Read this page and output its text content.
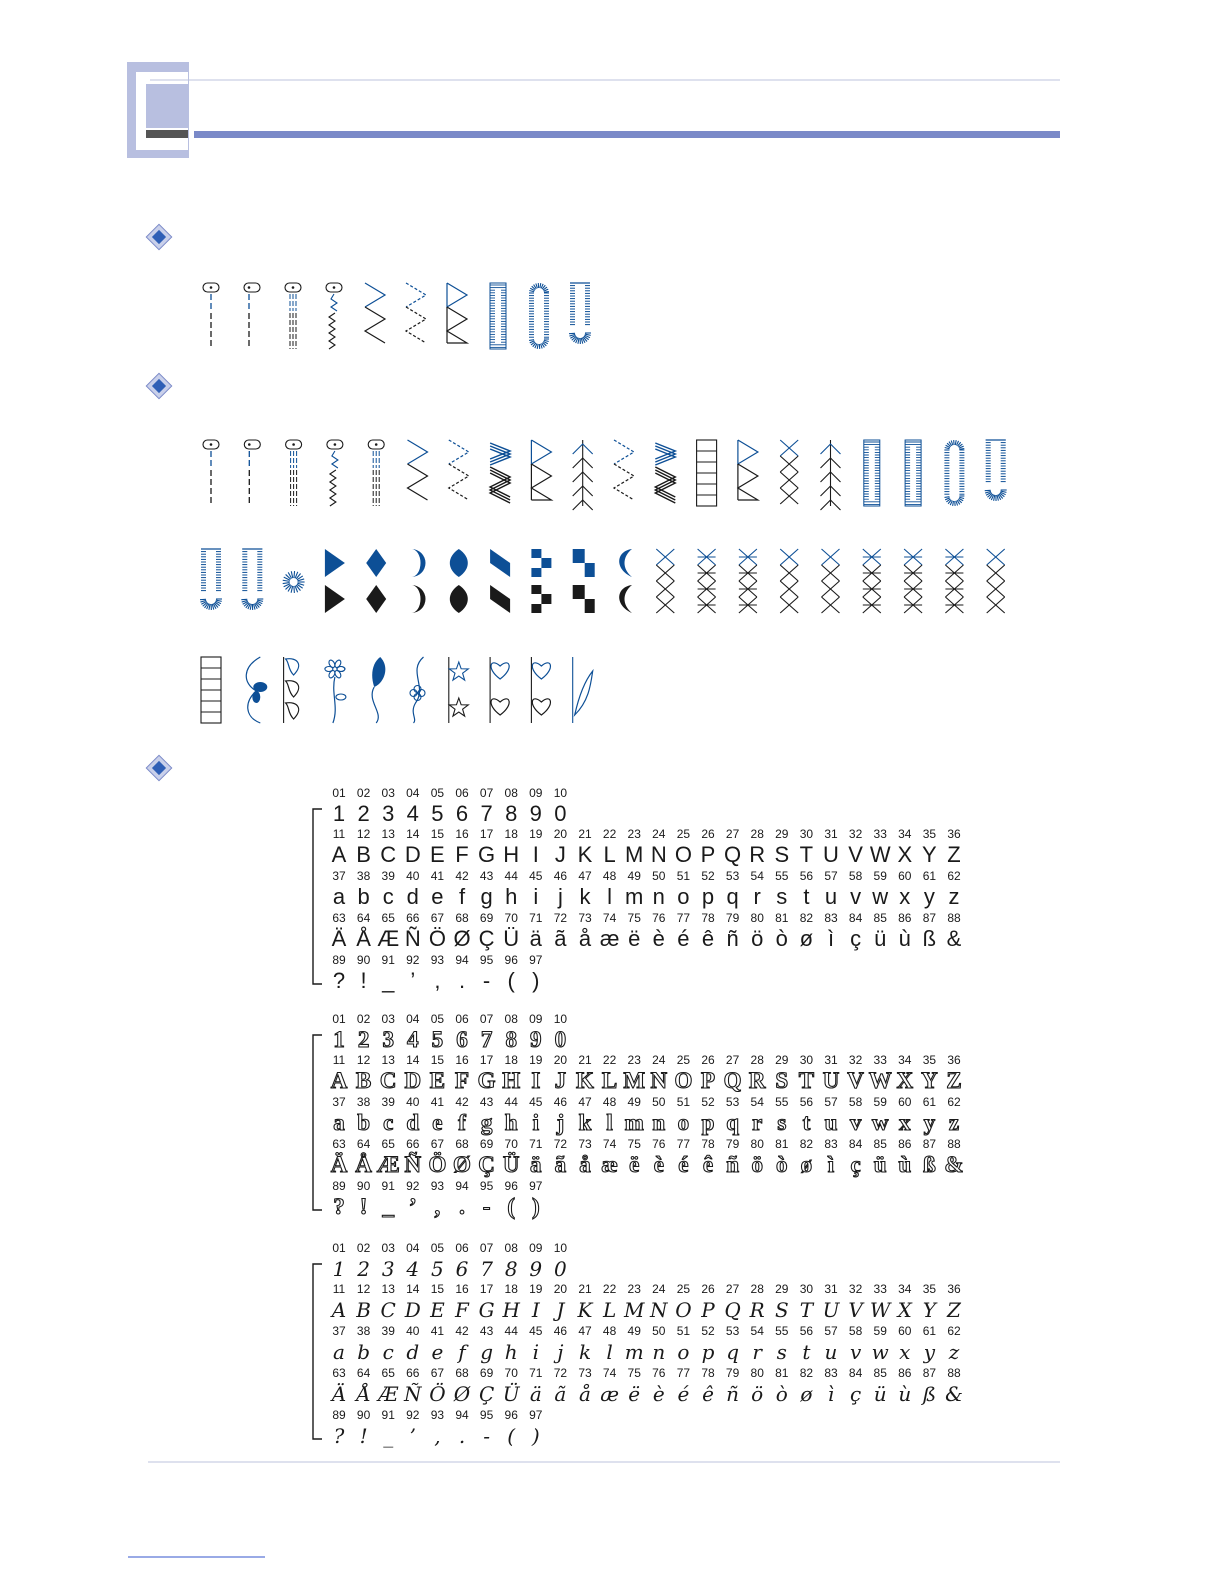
01 02 03 04 05 06 07 08 09 10
1 2 3 4 5 6 7 8 9 0
11 12 13 14 15 16 17 18 19 20 21 22 23 24 25 26 27 28 29 30 31 32 33 34 35 36
A B C D E F G H I J K L M N O P Q R S T U V W X Y Z
37 38 39 40 41 42 43 44 45 46 47 48 49 50 51 52 53 54 55 56 57 58 59 60 61 62
a b c d e f g h i j k l m n o p q r s t u v w x y z
63 64 65 66 67 68 69 70 71 72 73 74 75 76 77 78 79 80 81 82 83 84 85 86 87 88
Ä Å Æ Ñ Ö Ø Ç Ü ä ã å æ ë è é ê ñ ö ò ø ì ç ü ù ß &
89 90 91 92 93 94 95 96 97
? ! _ ’ , . - ( )
01 02 03 04 05 06 07 08 09 10
1 2 3 4 5 6 7 8 9 0
11 12 13 14 15 16 17 18 19 20 21 22 23 24 25 26 27 28 29 30 31 32 33 34 35 36
A B C D E F G H I J K L M N O P Q R S T U V W X Y Z
37 38 39 40 41 42 43 44 45 46 47 48 49 50 51 52 53 54 55 56 57 58 59 60 61 62
a b c d e f g h i j k l m n o p q r s t u v w x y z
63 64 65 66 67 68 69 70 71 72 73 74 75 76 77 78 79 80 81 82 83 84 85 86 87 88
Ä Å Æ Ñ Ö Ø Ç Ü ä ã å æ ë è é ê ñ ö ò ø ì ç ü ù ß &
89 90 91 92 93 94 95 96 97
? ! _ ’ , . - ( )
01 02 03 04 05 06 07 08 09 10
1 2 3 4 5 6 7 8 9 0
11 12 13 14 15 16 17 18 19 20 21 22 23 24 25 26 27 28 29 30 31 32 33 34 35 36
A B C D E F G H I J K L M N O P Q R S T U V W X Y Z
37 38 39 40 41 42 43 44 45 46 47 48 49 50 51 52 53 54 55 56 57 58 59 60 61 62
a b c d e f g h i j k l m n o p q r s t u v w x y z
63 64 65 66 67 68 69 70 71 72 73 74 75 76 77 78 79 80 81 82 83 84 85 86 87 88
Ä Å Æ Ñ Ö Ø Ç Ü ä ã å æ ë è é ê ñ ö ò ø ì ç ü ù ß &
89 90 91 92 93 94 95 96 97
? ! _ ’ , . - ( )
